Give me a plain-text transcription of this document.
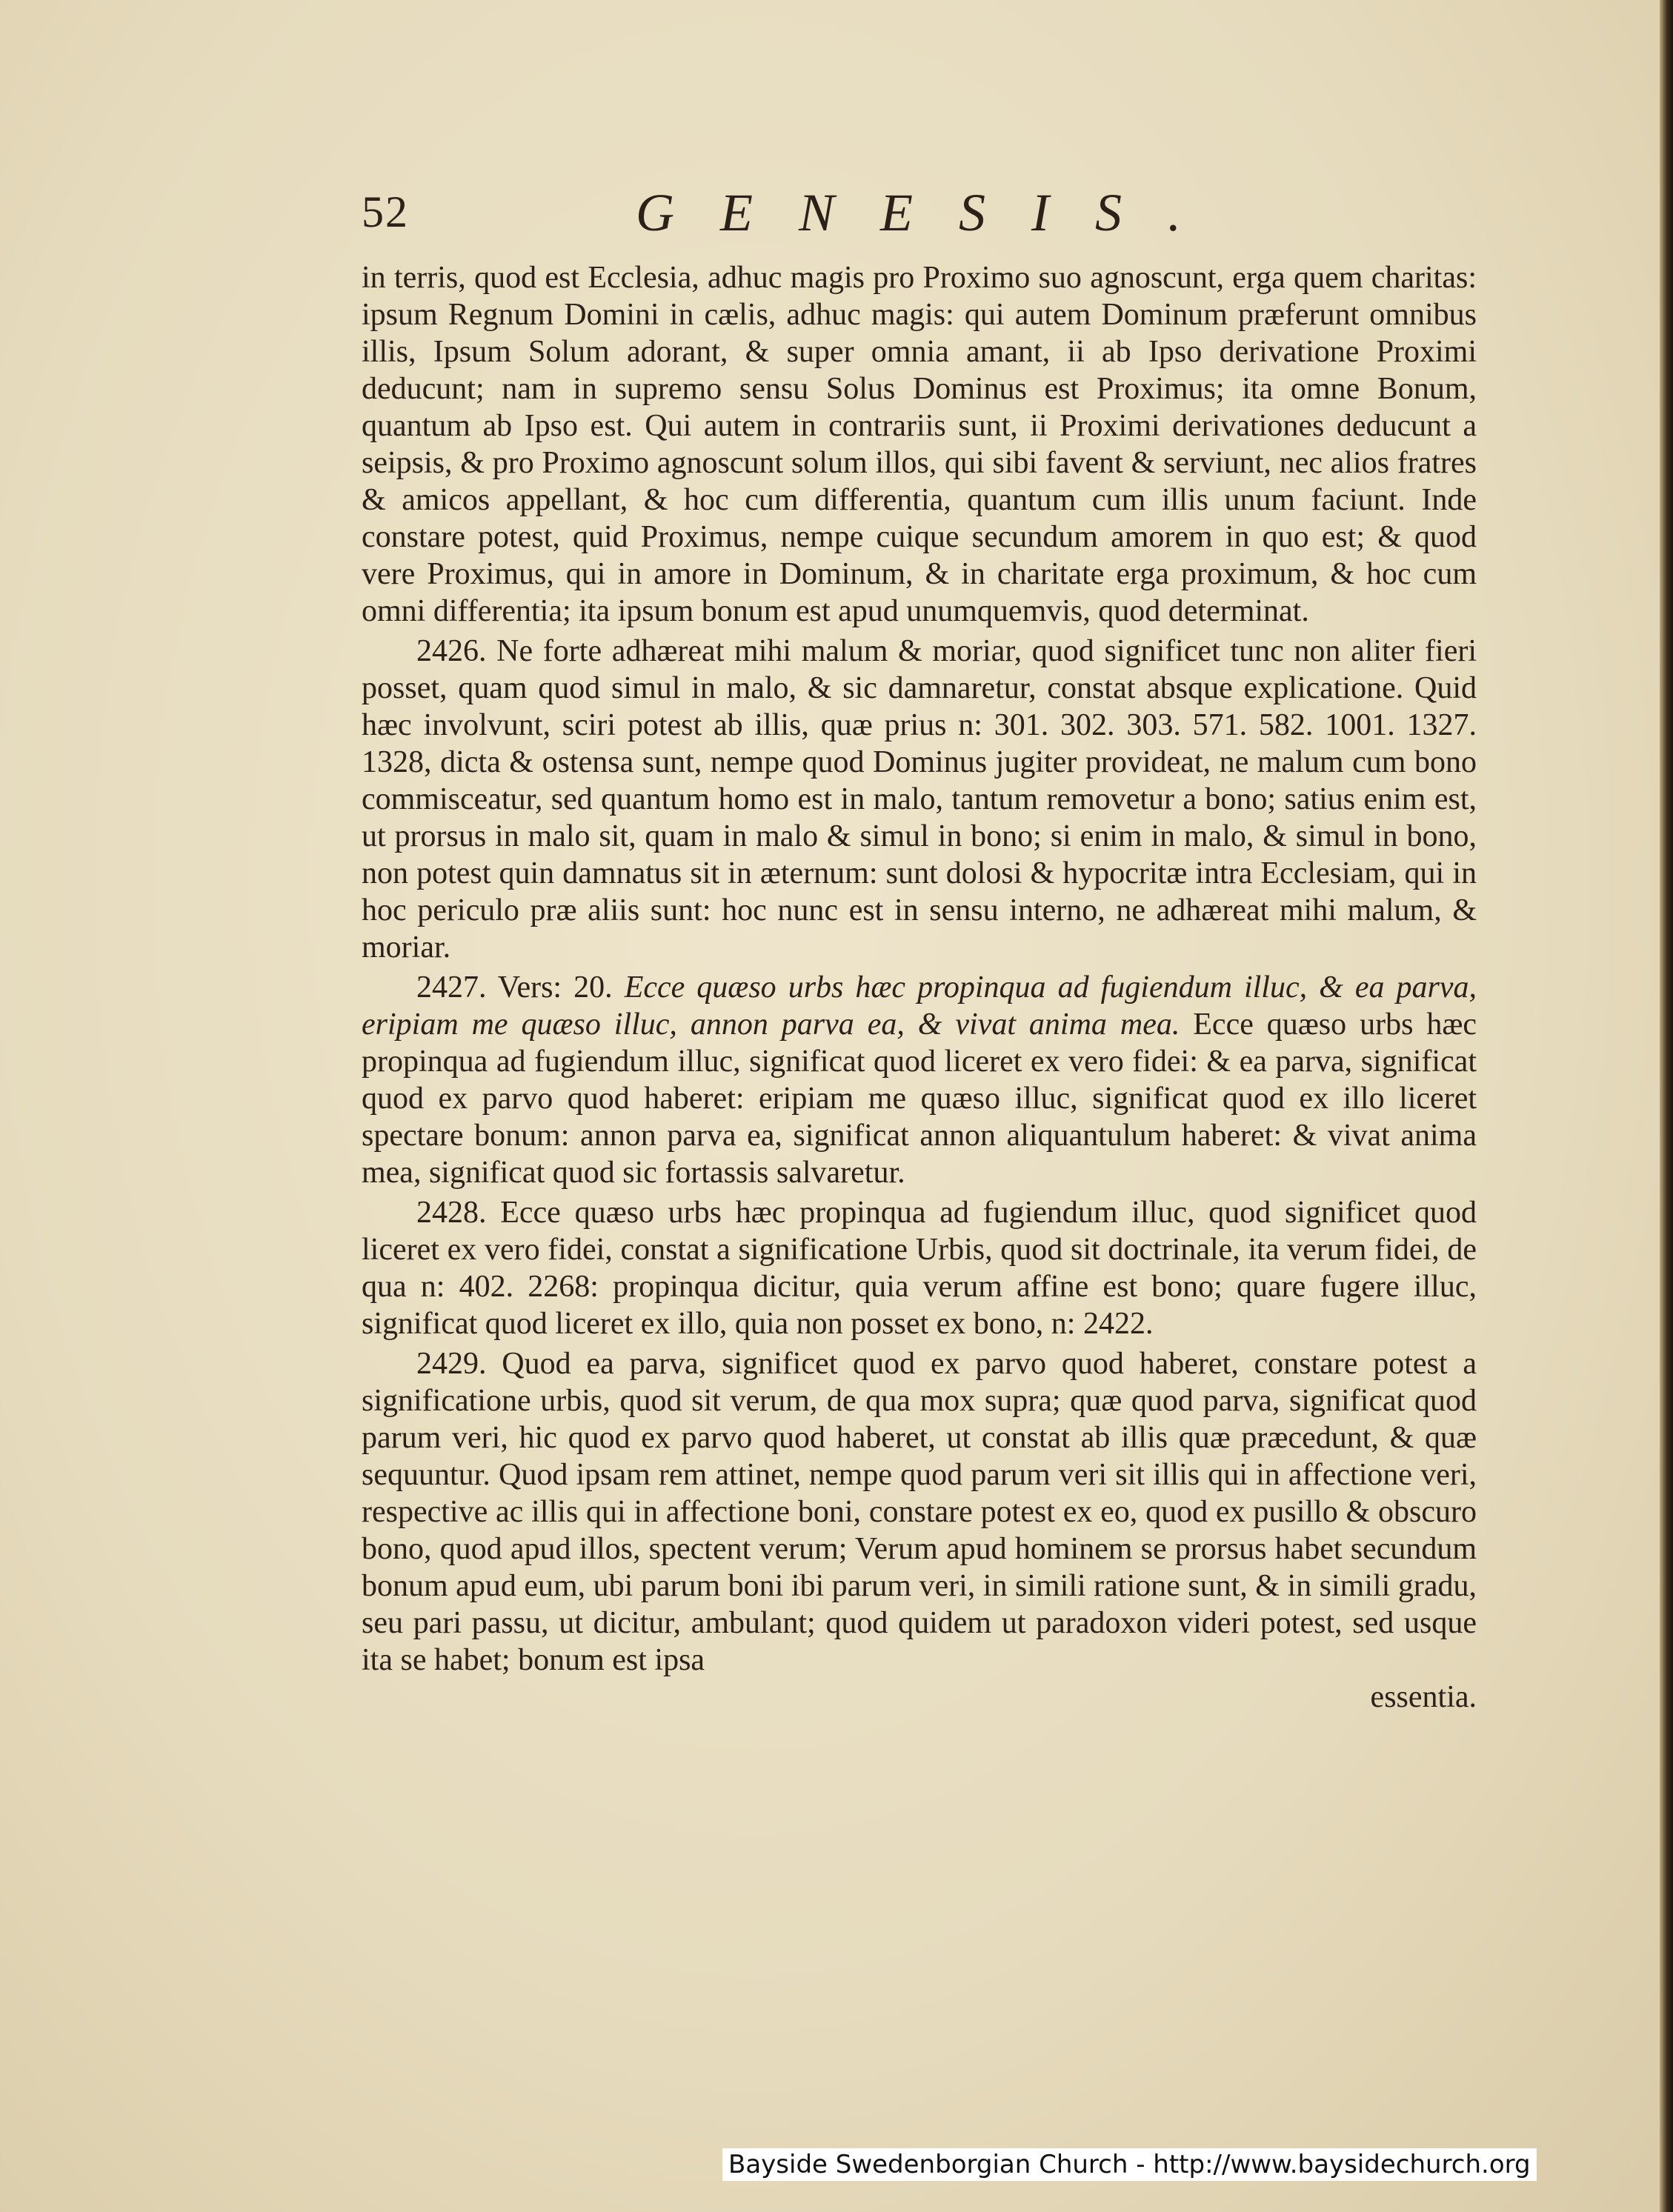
52	GENESIS.

in terris, quod est Ecclesia, adhuc magis pro Proximo suo agnoscunt, erga quem charitas: ipsum Regnum Domini in cælis, adhuc magis: qui autem Dominum præferunt omnibus illis, Ipsum Solum adorant, & super omnia amant, ii ab Ipso derivatione Proximi deducunt; nam in supremo sensu Solus Dominus est Proximus; ita omne Bonum, quantum ab Ipso est. Qui autem in contrariis sunt, ii Proximi derivationes deducunt a seipsis, & pro Proximo agnoscunt solum illos, qui sibi favent & serviunt, nec alios fratres & amicos appellant, & hoc cum differentia, quantum cum illis unum faciunt. Inde constare potest, quid Proximus, nempe cuique secundum amorem in quo est; & quod vere Proximus, qui in amore in Dominum, & in charitate erga proximum, & hoc cum omni differentia; ita ipsum bonum est apud unumquemvis, quod determinat.

2426. Ne forte adhæreat mihi malum & moriar, quod significet tunc non aliter fieri posset, quam quod simul in malo, & sic damnaretur, constat absque explicatione. Quid hæc involvunt, sciri potest ab illis, quæ prius n: 301. 302. 303. 571. 582. 1001. 1327. 1328, dicta & ostensa sunt, nempe quod Dominus jugiter provideat, ne malum cum bono commisceatur, sed quantum homo est in malo, tantum removetur a bono; satius enim est, ut prorsus in malo sit, quam in malo & simul in bono; si enim in malo, & simul in bono, non potest quin damnatus sit in æternum: sunt dolosi & hypocritæ intra Ecclesiam, qui in hoc periculo præ aliis sunt: hoc nunc est in sensu interno, ne adhæreat mihi malum, & moriar.

2427. Vers: 20. Ecce quæso urbs hæc propinqua ad fugiendum illuc, & ea parva, eripiam me quæso illuc, annon parva ea, & vivat anima mea. Ecce quæso urbs hæc propinqua ad fugiendum illuc, significat quod liceret ex vero fidei: & ea parva, significat quod ex parvo quod haberet: eripiam me quæso illuc, significat quod ex illo liceret spectare bonum: annon parva ea, significat annon aliquantulum haberet: & vivat anima mea, significat quod sic fortassis salvaretur.

2428. Ecce quæso urbs hæc propinqua ad fugiendum illuc, quod significet quod liceret ex vero fidei, constat a significatione Urbis, quod sit doctrinale, ita verum fidei, de qua n: 402. 2268: propinqua dicitur, quia verum affine est bono; quare fugere illuc, significat quod liceret ex illo, quia non posset ex bono, n: 2422.

2429. Quod ea parva, significet quod ex parvo quod haberet, constare potest a significatione urbis, quod sit verum, de qua mox supra; quæ quod parva, significat quod parum veri, hic quod ex parvo quod haberet, ut constat ab illis quæ præcedunt, & quæ sequuntur. Quod ipsam rem attinet, nempe quod parum veri sit illis qui in affectione veri, respective ac illis qui in affectione boni, constare potest ex eo, quod ex pusillo & obscuro bono, quod apud illos, spectent verum; Verum apud hominem se prorsus habet secundum bonum apud eum, ubi parum boni ibi parum veri, in simili ratione sunt, & in simili gradu, seu pari passu, ut dicitur, ambulant; quod quidem ut paradoxon videri potest, sed usque ita se habet; bonum est ipsa

essentia.

Bayside Swedenborgian Church - http://www.baysidechurch.org
